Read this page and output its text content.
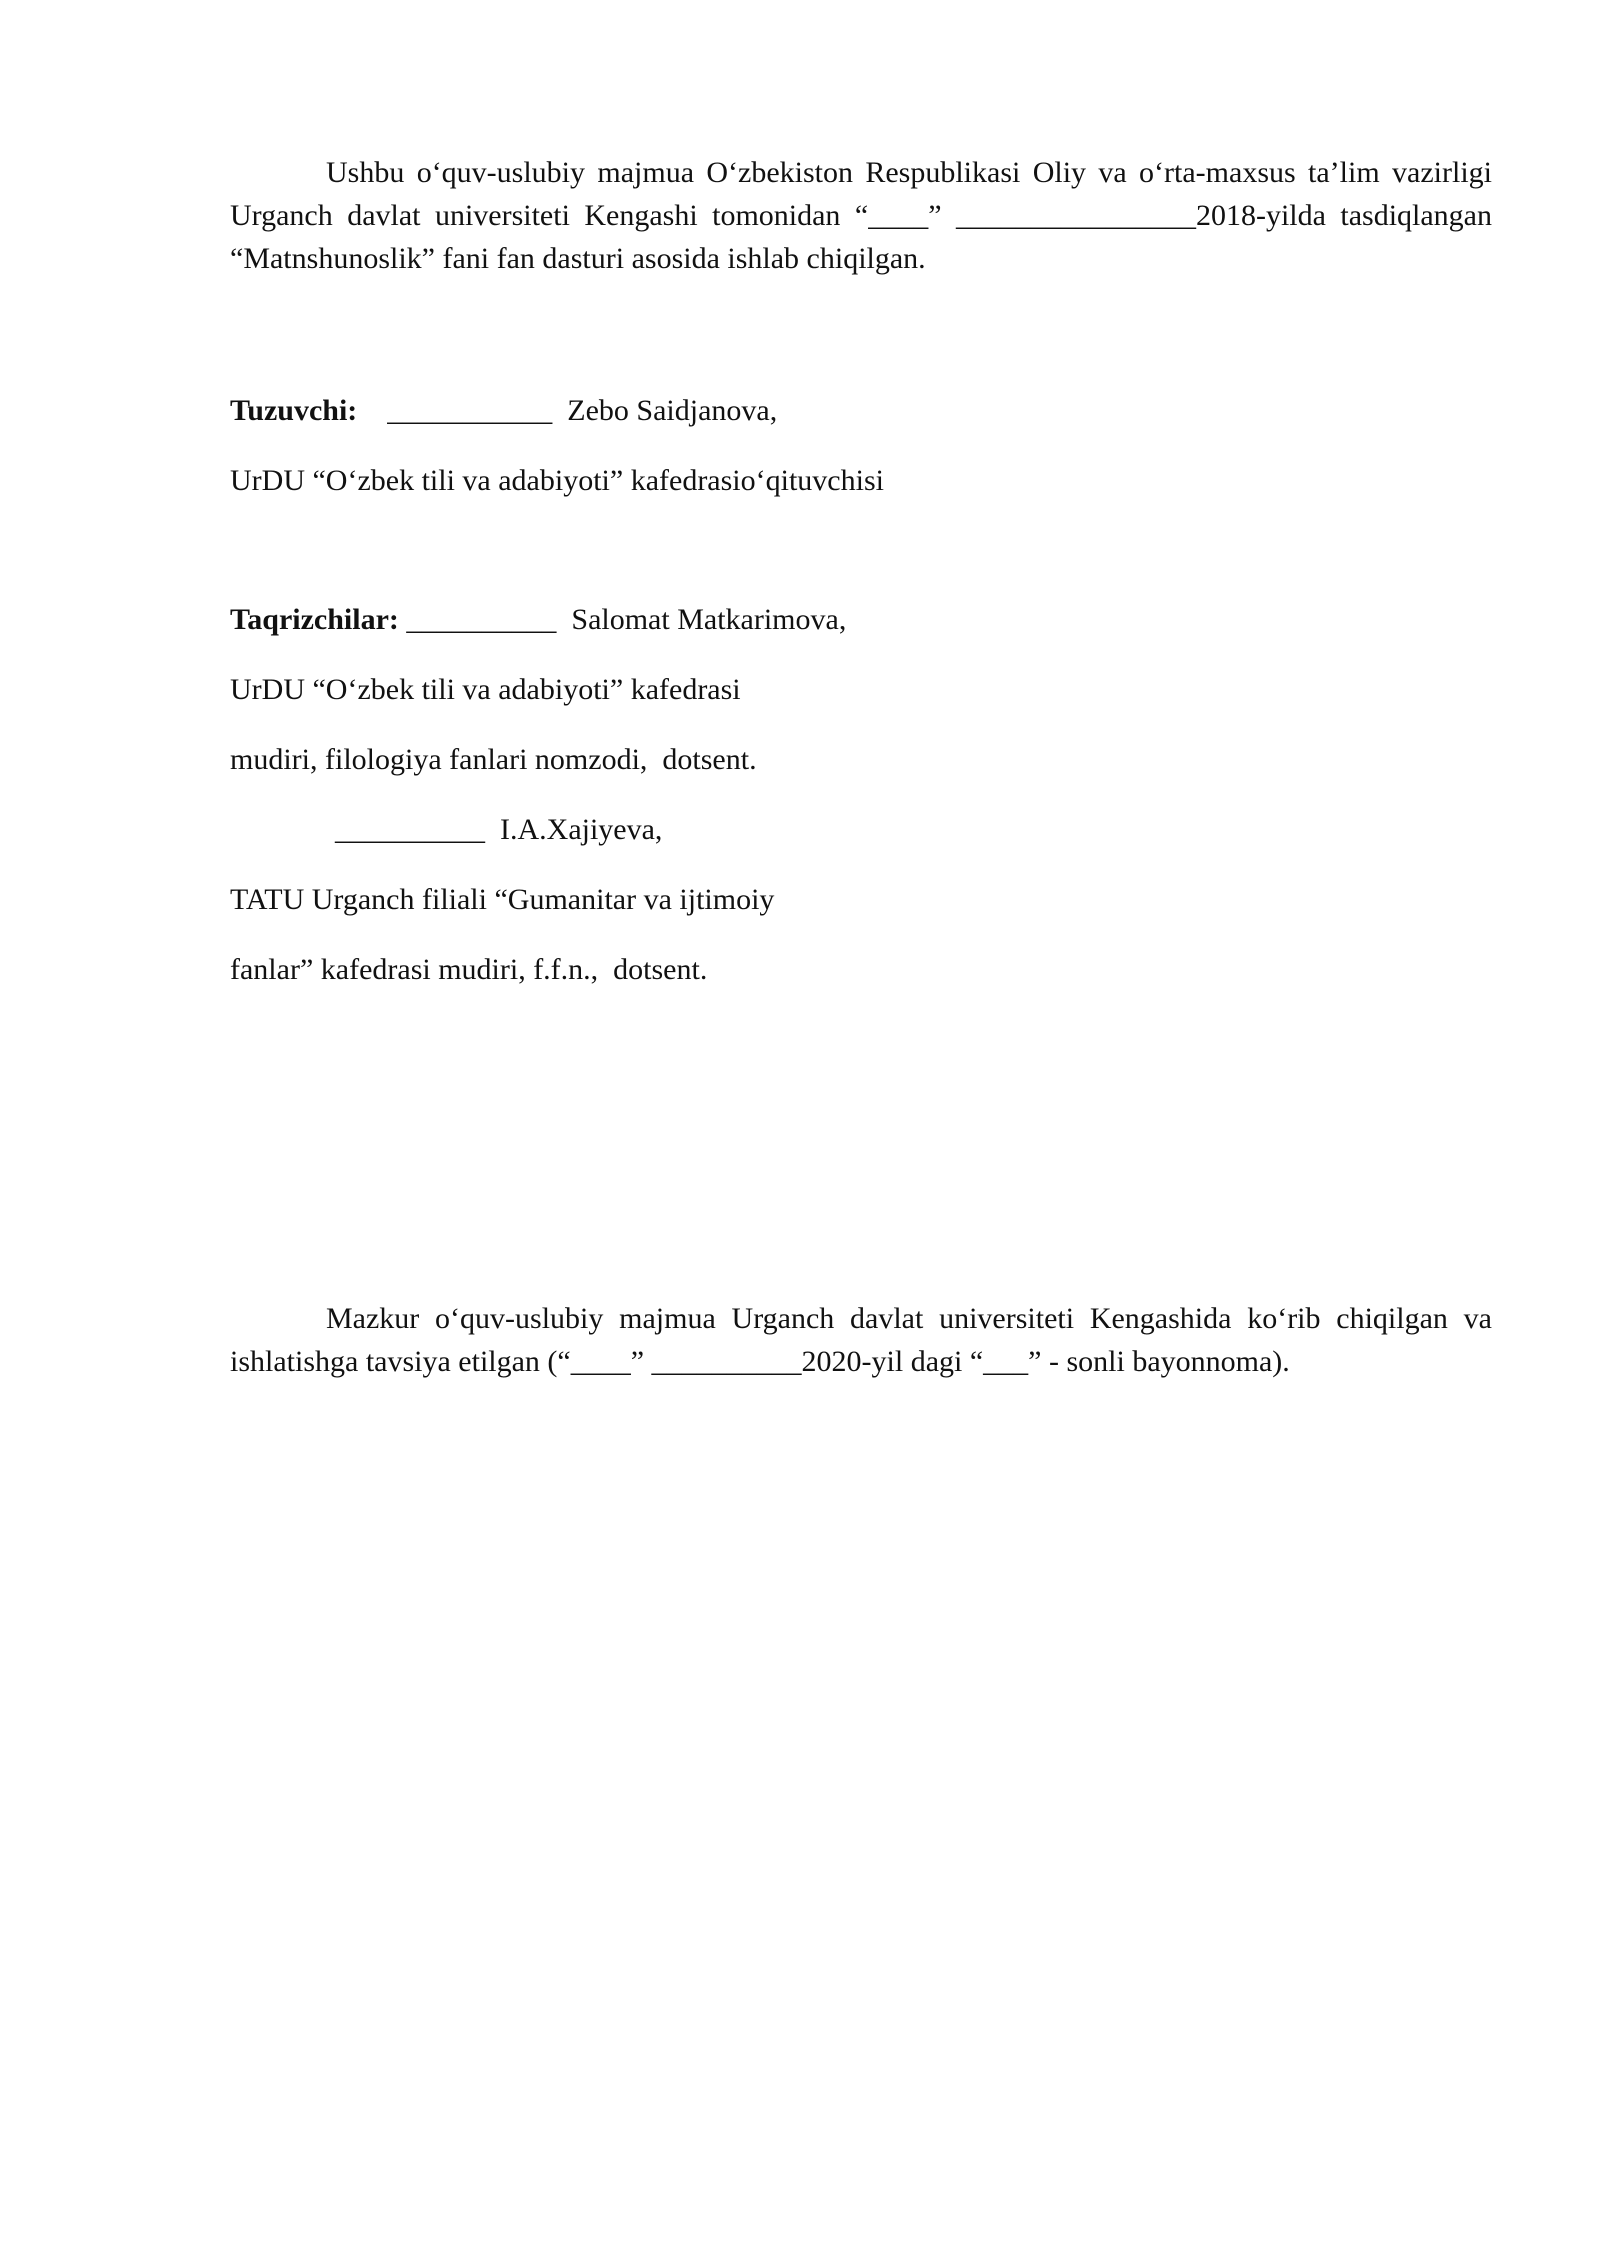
Ushbu o‘quv-uslubiy majmua O‘zbekiston Respublikasi Oliy va o‘rta-maxsus ta’lim vazirligi Urganch davlat universiteti Kengashi tomonidan “____” ________________2018-yilda tasdiqlangan “Matnshunoslik” fani fan dasturi asosida ishlab chiqilgan.

Tuzuvchi: ___________ Zebo Saidjanova,
UrDU “O‘zbek tili va adabiyoti” kafedrasio‘qituvchisi
Taqrizchilar: __________ Salomat Matkarimova,
UrDU “O‘zbek tili va adabiyoti” kafedrasi
mudiri, filologiya fanlari nomzodi,  dotsent.
__________ I.A.Xajiyeva,
TATU Urganch filiali “Gumanitar va ijtimoiy
fanlar” kafedrasi mudiri, f.f.n.,  dotsent.

Mazkur o‘quv-uslubiy majmua Urganch davlat universiteti Kengashida ko‘rib chiqilgan va ishlatishga tavsiya etilgan (“____” __________2020-yil dagi “___” - sonli bayonnoma).
